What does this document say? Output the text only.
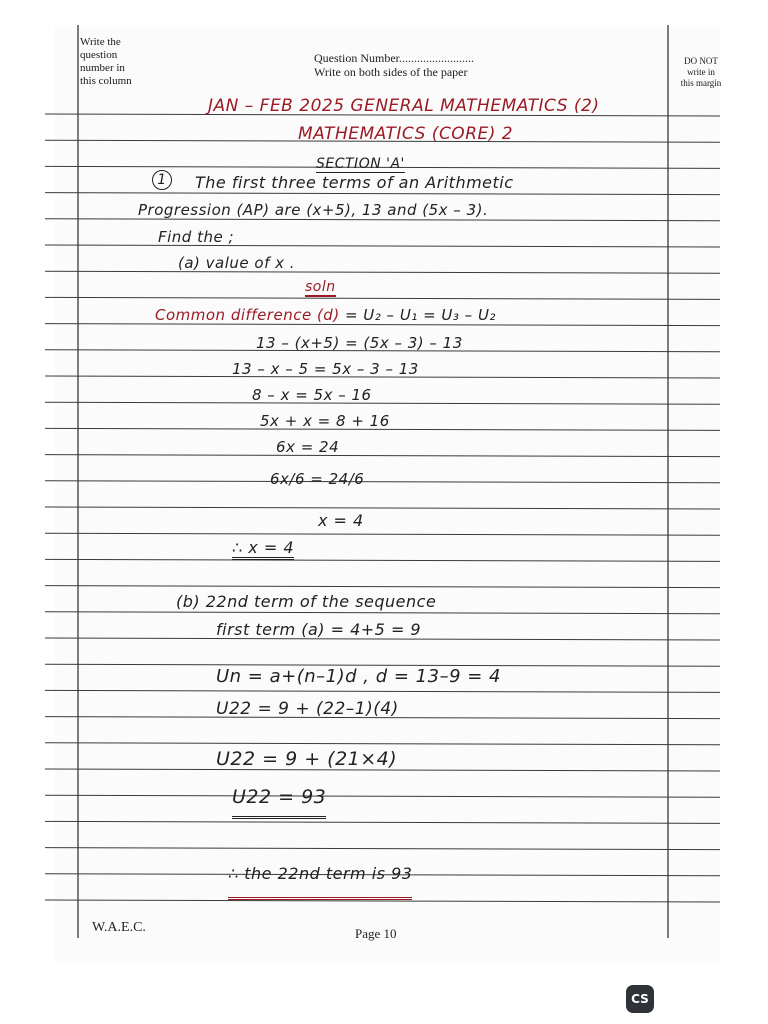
Write the question number in this column
DO NOT write in this margin
Question Number.........................
Write on both sides of the paper
JAN – FEB 2025 GENERAL MATHEMATICS (2)
MATHEMATICS (CORE) 2
SECTION 'A'
1	The first three terms of an Arithmetic
Progression (AP) are (x+5), 13 and (5x – 3).
Find the ;
(a) value of x .
soln
Common difference (d) = U₂ – U₁ = U₃ – U₂
13 – (x+5) = (5x – 3) – 13
13 – x – 5 = 5x – 3 – 13
8 – x = 5x – 16
5x + x = 8 + 16
6x = 24
6x/6 = 24/6
x = 4
∴ x = 4
(b) 22nd term of the sequence
first term (a) = 4+5 = 9
Un = a+(n–1)d , d = 13–9 = 4
U22 = 9 + (22–1)(4)
U22 = 9 + (21×4)
U22 = 93
∴ the 22nd term is 93
W.A.E.C.	Page 10
CS
